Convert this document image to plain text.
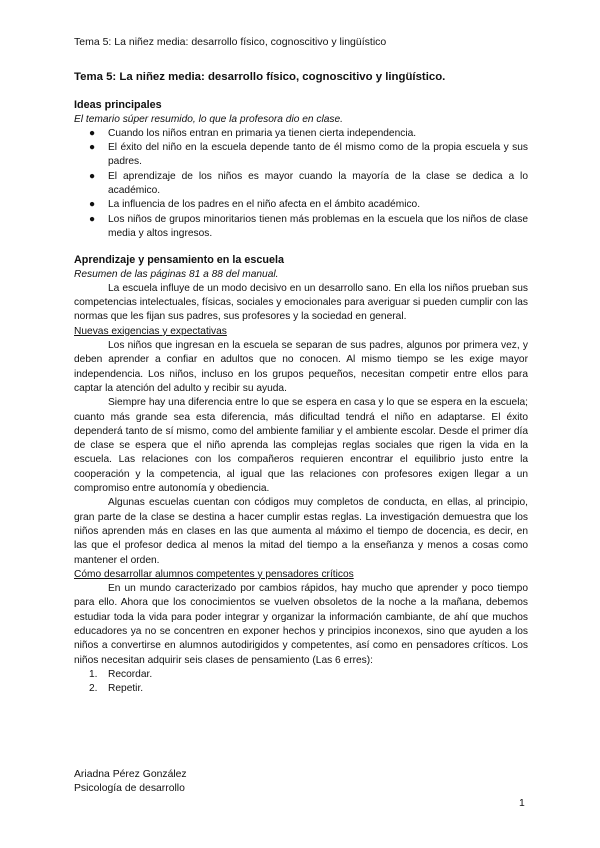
Tema 5: La niñez media: desarrollo físico, cognoscitivo y lingüístico

Tema 5: La niñez media: desarrollo físico, cognoscitivo y lingüístico.

Ideas principales

El temario súper resumido, lo que la profesora dio en clase.

● Cuando los niños entran en primaria ya tienen cierta independencia.
● El éxito del niño en la escuela depende tanto de él mismo como de la propia escuela y sus padres.
● El aprendizaje de los niños es mayor cuando la mayoría de la clase se dedica a lo académico.
● La influencia de los padres en el niño afecta en el ámbito académico.
● Los niños de grupos minoritarios tienen más problemas en la escuela que los niños de clase media y altos ingresos.

Aprendizaje y pensamiento en la escuela

Resumen de las páginas 81 a 88 del manual.

La escuela influye de un modo decisivo en un desarrollo sano. En ella los niños prueban sus competencias intelectuales, físicas, sociales y emocionales para averiguar si pueden cumplir con las normas que les fijan sus padres, sus profesores y la sociedad en general.

Nuevas exigencias y expectativas

Los niños que ingresan en la escuela se separan de sus padres, algunos por primera vez, y deben aprender a confiar en adultos que no conocen. Al mismo tiempo se les exige mayor independencia. Los niños, incluso en los grupos pequeños, necesitan competir entre ellos para captar la atención del adulto y recibir su ayuda.

Siempre hay una diferencia entre lo que se espera en casa y lo que se espera en la escuela; cuanto más grande sea esta diferencia, más dificultad tendrá el niño en adaptarse. El éxito dependerá tanto de sí mismo, como del ambiente familiar y el ambiente escolar. Desde el primer día de clase se espera que el niño aprenda las complejas reglas sociales que rigen la vida en la escuela. Las relaciones con los compañeros requieren encontrar el equilibrio justo entre la cooperación y la competencia, al igual que las relaciones con profesores exigen llegar a un compromiso entre autonomía y obediencia.

Algunas escuelas cuentan con códigos muy completos de conducta, en ellas, al principio, gran parte de la clase se destina a hacer cumplir estas reglas. La investigación demuestra que los niños aprenden más en clases en las que aumenta al máximo el tiempo de docencia, es decir, en las que el profesor dedica al menos la mitad del tiempo a la enseñanza y menos a cosas como mantener el orden.

Cómo desarrollar alumnos competentes y pensadores críticos

En un mundo caracterizado por cambios rápidos, hay mucho que aprender y poco tiempo para ello. Ahora que los conocimientos se vuelven obsoletos de la noche a la mañana, debemos estudiar toda la vida para poder integrar y organizar la información cambiante, de ahí que muchos educadores ya no se concentren en exponer hechos y principios inconexos, sino que ayuden a los niños a convertirse en alumnos autodirigidos y competentes, así como en pensadores críticos. Los niños necesitan adquirir seis clases de pensamiento (Las 6 erres):

1. Recordar.
2. Repetir.
Ariadna Pérez González
Psicología de desarrollo
1
